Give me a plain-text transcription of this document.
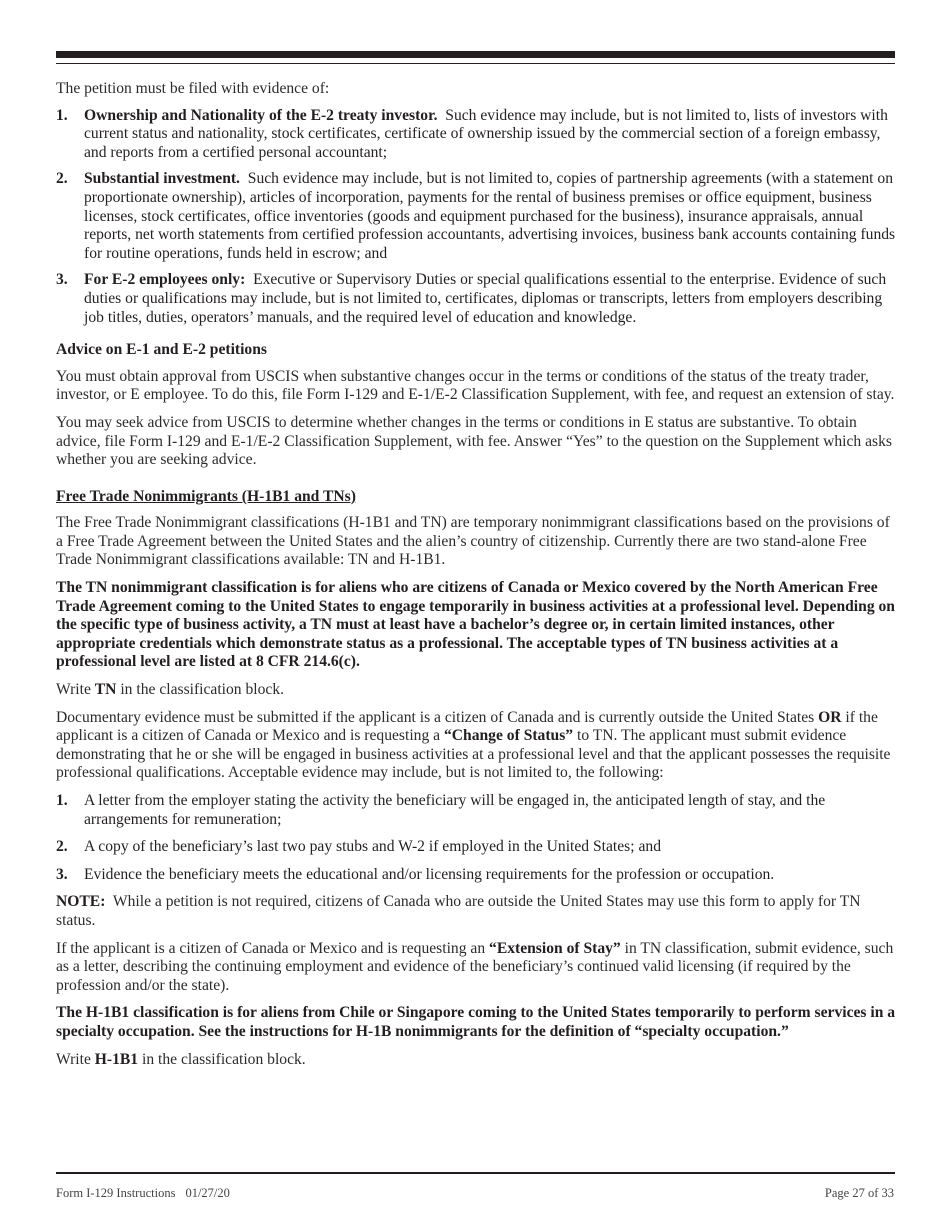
The petition must be filed with evidence of:

1.	Ownership and Nationality of the E-2 treaty investor. Such evidence may include, but is not limited to, lists of investors with current status and nationality, stock certificates, certificate of ownership issued by the commercial section of a foreign embassy, and reports from a certified personal accountant;
2.	Substantial investment. Such evidence may include, but is not limited to, copies of partnership agreements (with a statement on proportionate ownership), articles of incorporation, payments for the rental of business premises or office equipment, business licenses, stock certificates, office inventories (goods and equipment purchased for the business), insurance appraisals, annual reports, net worth statements from certified profession accountants, advertising invoices, business bank accounts containing funds for routine operations, funds held in escrow; and
3.	For E-2 employees only: Executive or Supervisory Duties or special qualifications essential to the enterprise. Evidence of such duties or qualifications may include, but is not limited to, certificates, diplomas or transcripts, letters from employers describing job titles, duties, operators’ manuals, and the required level of education and knowledge.

Advice on E-1 and E-2 petitions

You must obtain approval from USCIS when substantive changes occur in the terms or conditions of the status of the treaty trader, investor, or E employee. To do this, file Form I-129 and E-1/E-2 Classification Supplement, with fee, and request an extension of stay.

You may seek advice from USCIS to determine whether changes in the terms or conditions in E status are substantive. To obtain advice, file Form I-129 and E-1/E-2 Classification Supplement, with fee. Answer “Yes” to the question on the Supplement which asks whether you are seeking advice.

Free Trade Nonimmigrants (H-1B1 and TNs)

The Free Trade Nonimmigrant classifications (H-1B1 and TN) are temporary nonimmigrant classifications based on the provisions of a Free Trade Agreement between the United States and the alien’s country of citizenship. Currently there are two stand-alone Free Trade Nonimmigrant classifications available: TN and H-1B1.

The TN nonimmigrant classification is for aliens who are citizens of Canada or Mexico covered by the North American Free Trade Agreement coming to the United States to engage temporarily in business activities at a professional level. Depending on the specific type of business activity, a TN must at least have a bachelor’s degree or, in certain limited instances, other appropriate credentials which demonstrate status as a professional. The acceptable types of TN business activities at a professional level are listed at 8 CFR 214.6(c).

Write TN in the classification block.

Documentary evidence must be submitted if the applicant is a citizen of Canada and is currently outside the United States OR if the applicant is a citizen of Canada or Mexico and is requesting a “Change of Status” to TN. The applicant must submit evidence demonstrating that he or she will be engaged in business activities at a professional level and that the applicant possesses the requisite professional qualifications. Acceptable evidence may include, but is not limited to, the following:

1.	A letter from the employer stating the activity the beneficiary will be engaged in, the anticipated length of stay, and the arrangements for remuneration;
2.	A copy of the beneficiary’s last two pay stubs and W-2 if employed in the United States; and
3.	Evidence the beneficiary meets the educational and/or licensing requirements for the profession or occupation.

NOTE:  While a petition is not required, citizens of Canada who are outside the United States may use this form to apply for TN status.

If the applicant is a citizen of Canada or Mexico and is requesting an “Extension of Stay” in TN classification, submit evidence, such as a letter, describing the continuing employment and evidence of the beneficiary’s continued valid licensing (if required by the profession and/or the state).

The H-1B1 classification is for aliens from Chile or Singapore coming to the United States temporarily to perform services in a specialty occupation. See the instructions for H-1B nonimmigrants for the definition of “specialty occupation.”

Write H-1B1 in the classification block.

Form I-129 Instructions 01/27/20	Page 27 of 33
